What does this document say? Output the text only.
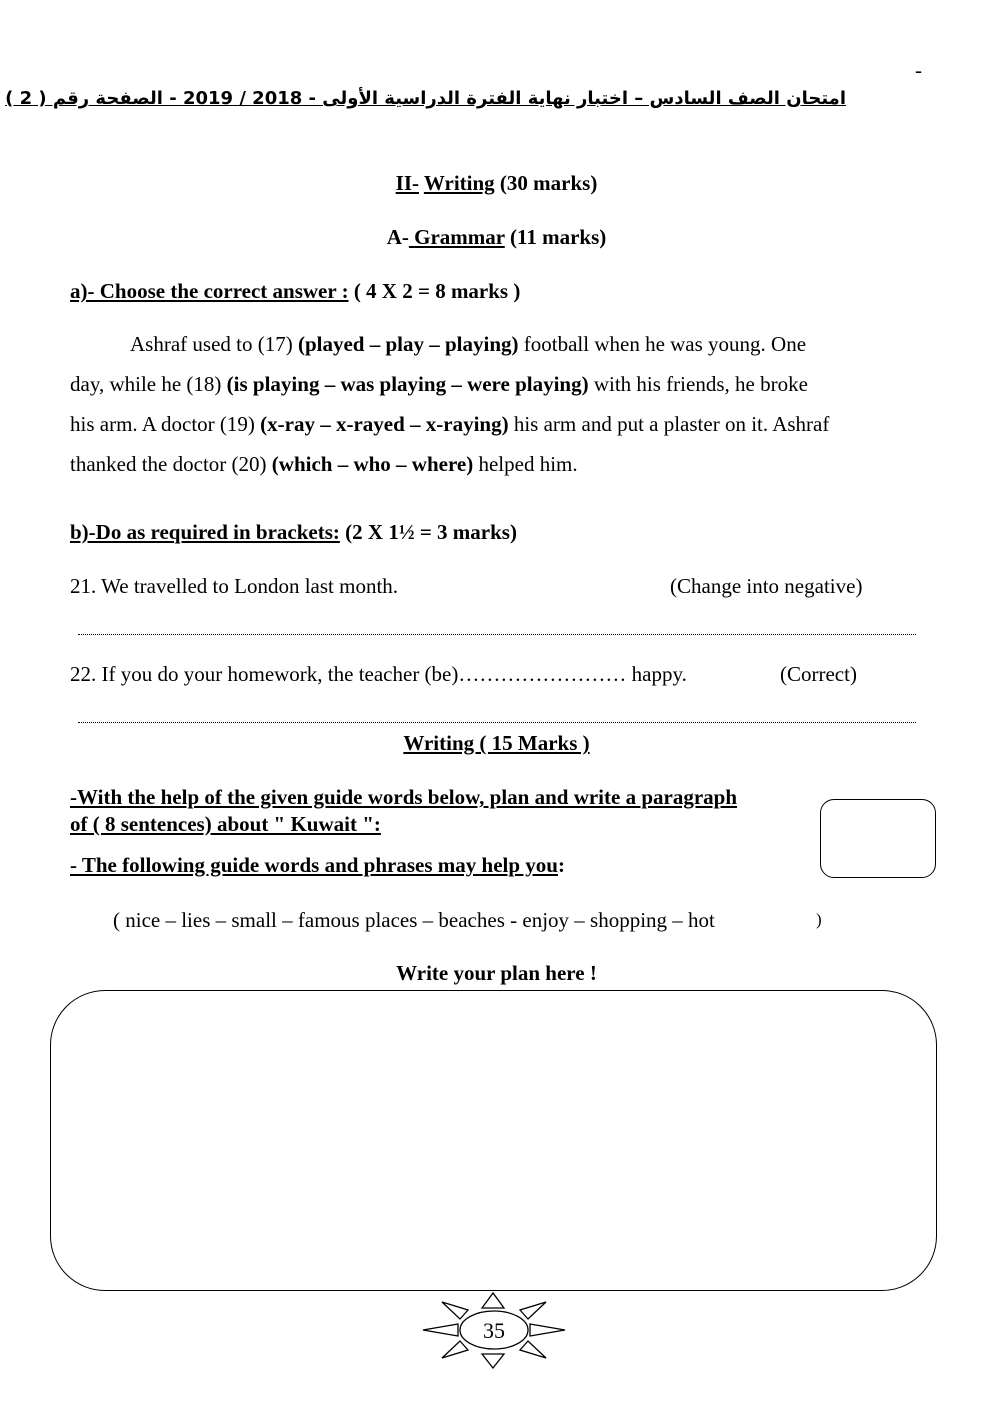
-
امتحان الصف السادس – اختبار نهاية الفترة الدراسية الأولى - 2018 / 2019 - الصفحة رقم ( 2 )
II- Writing (30 marks)
A- Grammar (11 marks)
a)- Choose the correct answer : ( 4 X 2 = 8 marks )
Ashraf used to (17) (played – play – playing) football when he was young. One
day, while he (18) (is playing – was playing – were playing) with his friends, he broke
his arm. A doctor (19) (x-ray – x-rayed – x-raying) his arm and put a plaster on it. Ashraf
thanked the doctor (20) (which – who – where) helped him.
b)-Do as required in brackets: (2 X 1½ = 3 marks)
21. We travelled to London last month.	(Change into negative)
22. If you do your homework, the teacher (be)…………………… happy.	(Correct)
Writing ( 15 Marks )
-With the help of the given guide words below, plan and write a paragraph
of ( 8 sentences) about " Kuwait ":
- The following guide words and phrases may help you:
( nice – lies – small – famous places – beaches - enjoy – shopping – hot	)
Write your plan here !
35
